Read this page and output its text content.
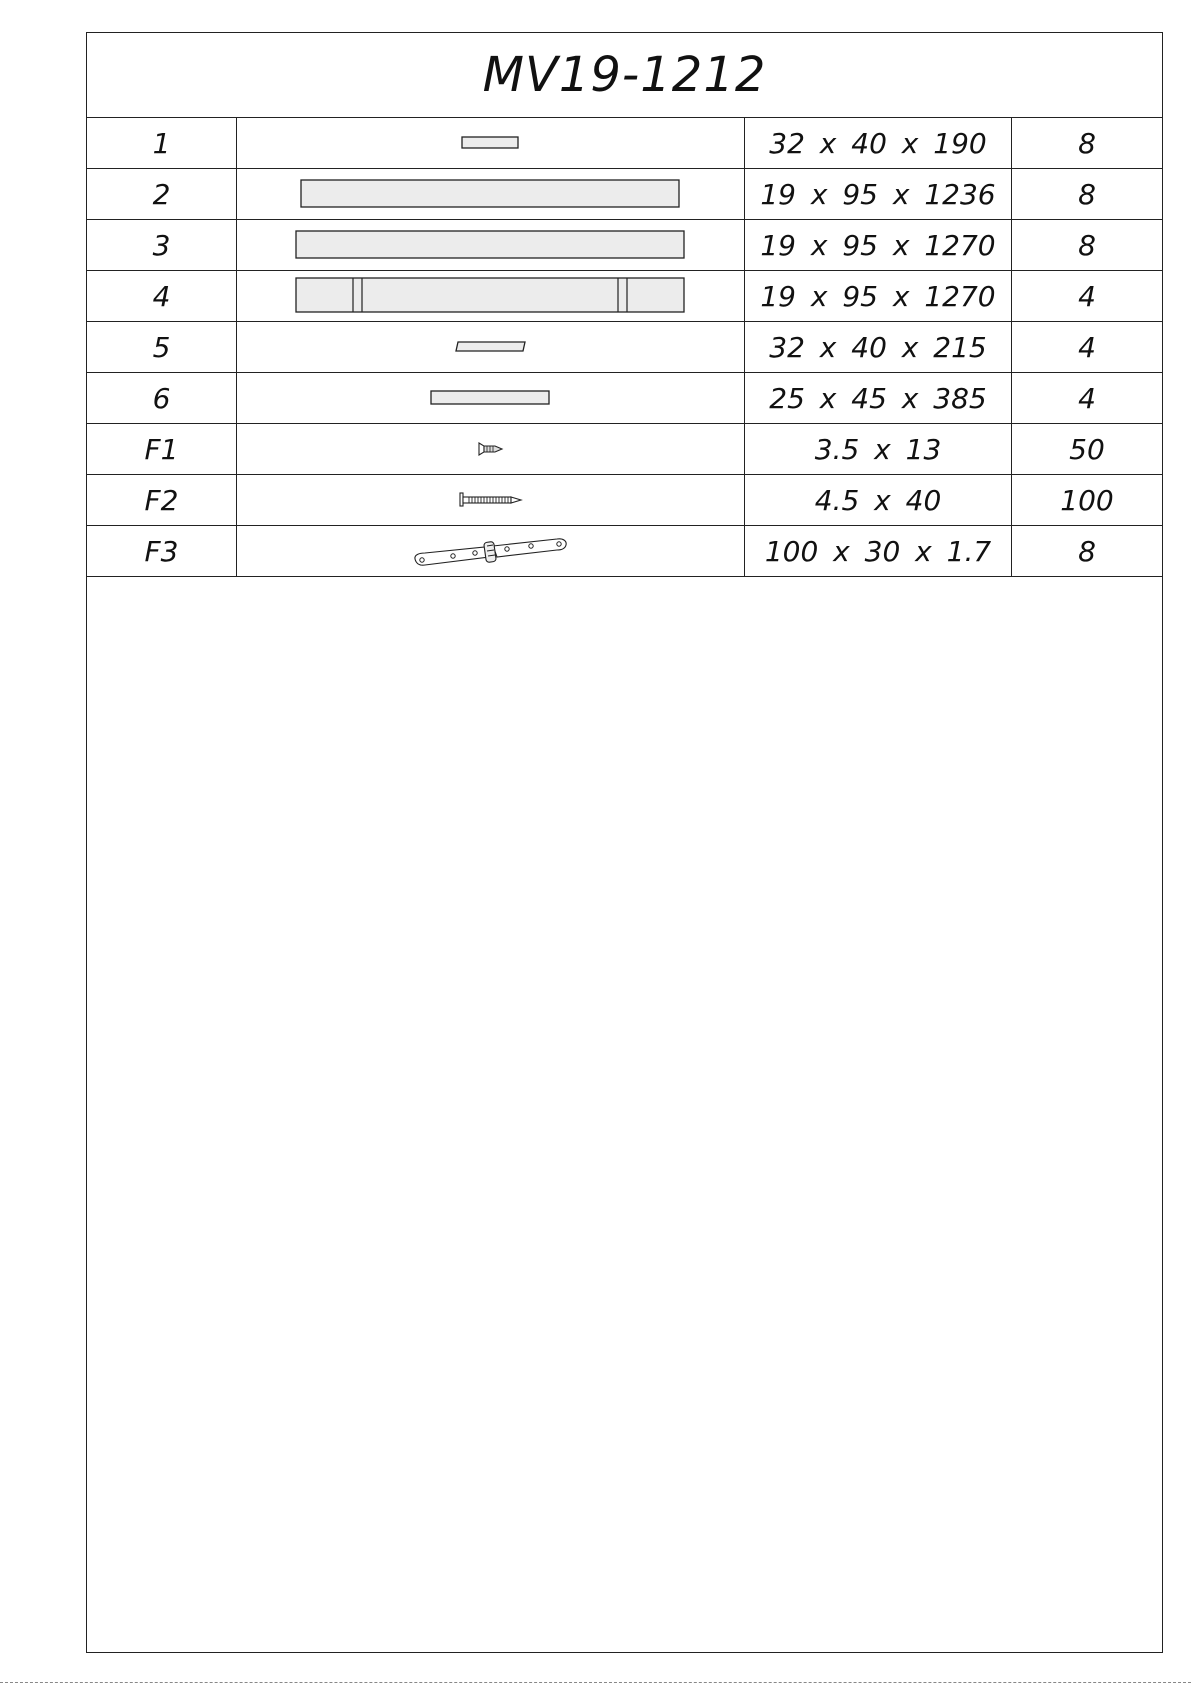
MV19-1212
1	32 x 40 x 190	8
2	19 x 95 x 1236	8
3	19 x 95 x 1270	8
4	19 x 95 x 1270	4
5	32 x 40 x 215	4
6	25 x 45 x 385	4
F1	3.5 x 13	50
F2	4.5 x 40	100
F3	100 x 30 x 1.7	8
